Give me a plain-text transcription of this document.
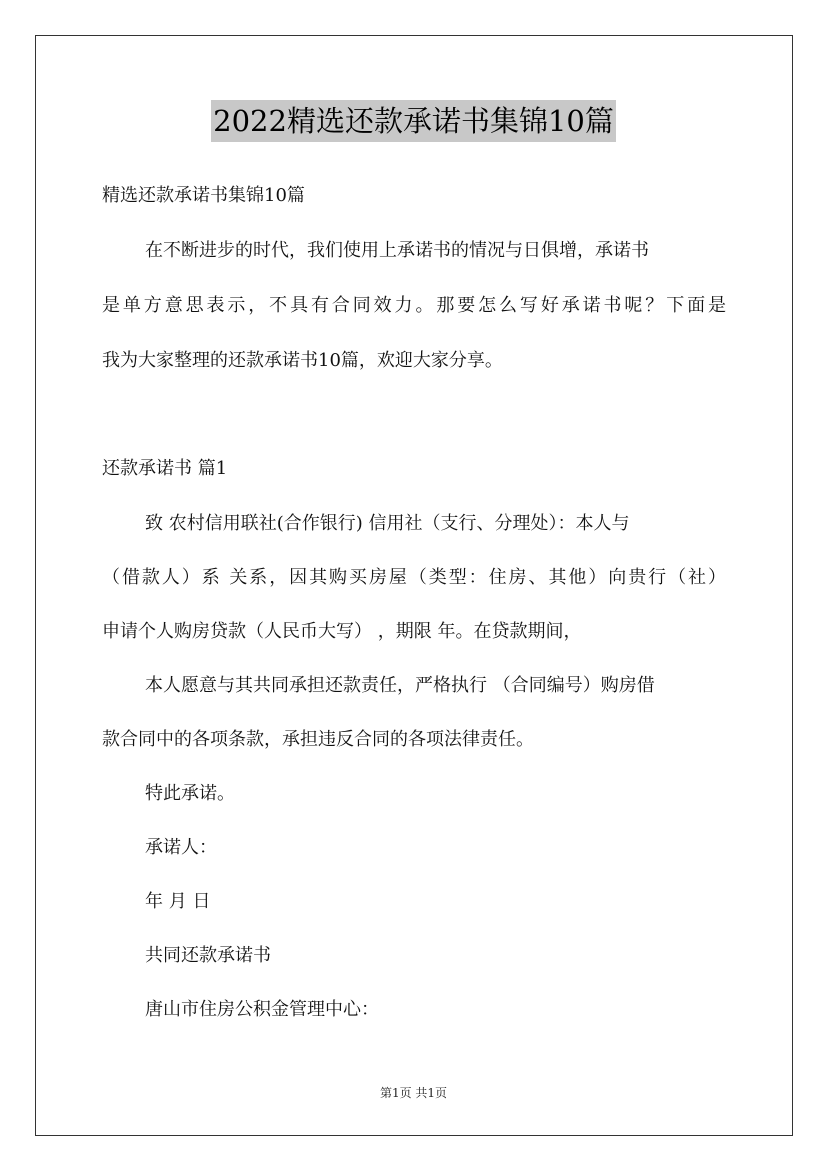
2022精选还款承诺书集锦10篇
精选还款承诺书集锦10篇
在不断进步的时代，我们使用上承诺书的情况与日俱增，承诺书
是单方意思表示，不具有合同效力。那要怎么写好承诺书呢？下面是
我为大家整理的还款承诺书10篇，欢迎大家分享。
还款承诺书 篇1
致 农村信用联社(合作银行) 信用社（支行、分理处）：本人与
（借款人）系 关系，因其购买房屋（类型：住房、其他）向贵行（社）
申请个人购房贷款（人民币大写） ，期限 年。在贷款期间，
本人愿意与其共同承担还款责任，严格执行 （合同编号）购房借
款合同中的各项条款，承担违反合同的各项法律责任。
特此承诺。
承诺人：
年 月 日
共同还款承诺书
唐山市住房公积金管理中心：
第1页 共1页
